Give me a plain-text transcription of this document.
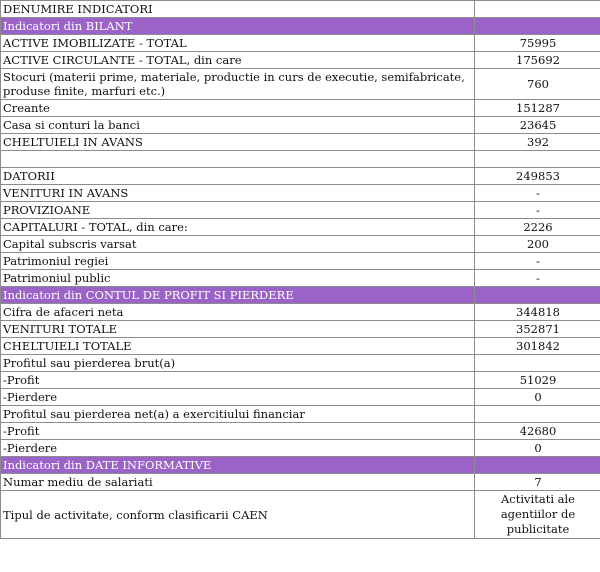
DENUMIRE INDICATORI	
Indicatori din BILANT	
ACTIVE IMOBILIZATE - TOTAL	75995
ACTIVE CIRCULANTE - TOTAL, din care	175692
Stocuri (materii prime, materiale, productie in curs de executie, semifabricate, produse finite, marfuri etc.)	760
Creante	151287
Casa si conturi la banci	23645
CHELTUIELI IN AVANS	392

DATORII	249853
VENITURI IN AVANS	-
PROVIZIOANE	-
CAPITALURI - TOTAL, din care:	2226
Capital subscris varsat	200
Patrimoniul regiei	-
Patrimoniul public	-
Indicatori din CONTUL DE PROFIT SI PIERDERE	
Cifra de afaceri neta	344818
VENITURI TOTALE	352871
CHELTUIELI TOTALE	301842
Profitul sau pierderea brut(a)	
-Profit	51029
-Pierdere	0
Profitul sau pierderea net(a) a exercitiului financiar	
-Profit	42680
-Pierdere	0
Indicatori din DATE INFORMATIVE	
Numar mediu de salariati	7
Tipul de activitate, conform clasificarii CAEN	Activitati ale agentiilor de publicitate
